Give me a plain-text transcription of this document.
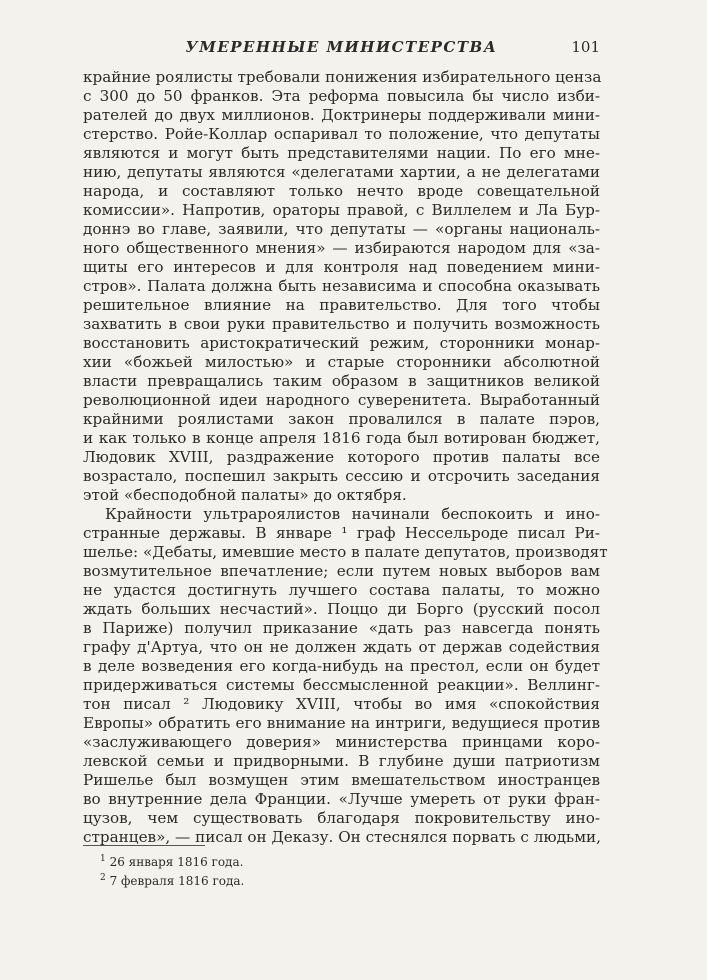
УМЕРЕННЫЕ МИНИСТЕРСТВА	101
крайние роялисты требовали понижения избирательного ценза
с 300 до 50 франков. Эта реформа повысила бы число изби-
рателей до двух миллионов. Доктринеры поддерживали мини-
стерство. Ройе-Коллар оспаривал то положение, что депутаты
являются и могут быть представителями нации. По его мне-
нию, депутаты являются «делегатами хартии, а не делегатами
народа, и составляют только нечто вроде совещательной
комиссии». Напротив, ораторы правой, с Виллелем и Ла Бур-
доннэ во главе, заявили, что депутаты — «органы националь-
ного общественного мнения» — избираются народом для «за-
щиты его интересов и для контроля над поведением мини-
стров». Палата должна быть независима и способна оказывать
решительное влияние на правительство. Для того чтобы
захватить в свои руки правительство и получить возможность
восстановить аристократический режим, сторонники монар-
хии «божьей милостью» и старые сторонники абсолютной
власти превращались таким образом в защитников великой
революционной идеи народного суверенитета. Выработанный
крайними роялистами закон провалился в палате пэров,
и как только в конце апреля 1816 года был вотирован бюджет,
Людовик XVIII, раздражение которого против палаты все
возрастало, поспешил закрыть сессию и отсрочить заседания
этой «бесподобной палаты» до октября.
Крайности ультрароялистов начинали беспокоить и ино-
странные державы. В январе ¹ граф Нессельроде писал Ри-
шелье: «Дебаты, имевшие место в палате депутатов, производят
возмутительное впечатление; если путем новых выборов вам
не удастся достигнуть лучшего состава палаты, то можно
ждать больших несчастий». Поццо ди Борго (русский посол
в Париже) получил приказание «дать раз навсегда понять
графу д'Артуа, что он не должен ждать от держав содействия
в деле возведения его когда-нибудь на престол, если он будет
придерживаться системы бессмысленной реакции». Веллинг-
тон писал ² Людовику XVIII, чтобы во имя «спокойствия
Европы» обратить его внимание на интриги, ведущиеся против
«заслуживающего доверия» министерства принцами коро-
левской семьи и придворными. В глубине души патриотизм
Ришелье был возмущен этим вмешательством иностранцев
во внутренние дела Франции. «Лучше умереть от руки фран-
цузов, чем существовать благодаря покровительству ино-
странцев», — писал он Деказу. Он стеснялся порвать с людьми,
$^1$ 26 января 1816 года.
$^2$ 7 февраля 1816 года.
